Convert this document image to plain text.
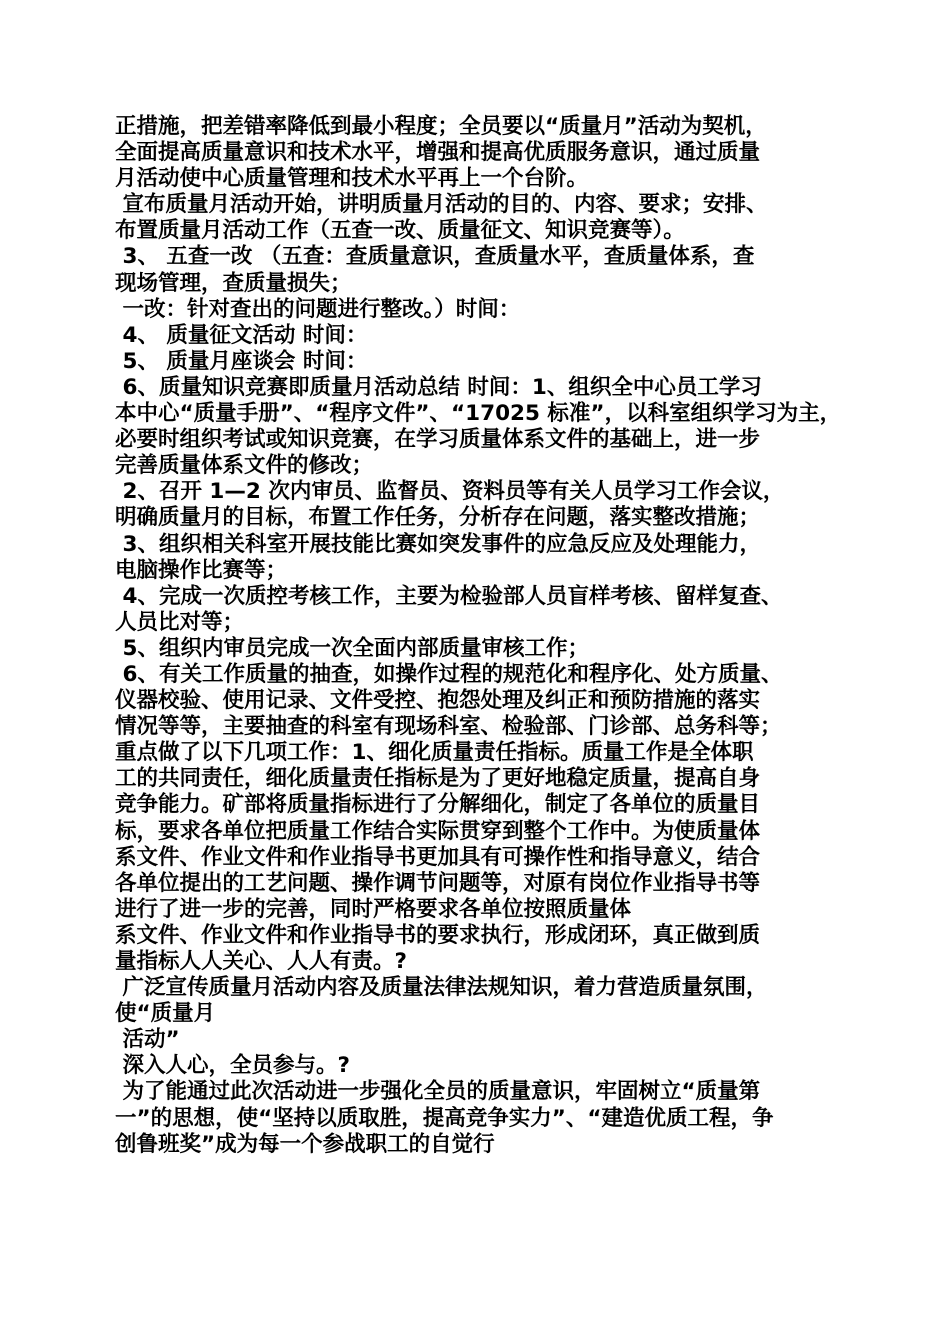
正措施，把差错率降低到最小程度；全员要以“质量月”活动为契机，
全面提高质量意识和技术水平，增强和提高优质服务意识，通过质量
月活动使中心质量管理和技术水平再上一个台阶。
宣布质量月活动开始，讲明质量月活动的目的、内容、要求；安排、
布置质量月活动工作（五查一改、质量征文、知识竞赛等）。
3、 五查一改 （五查：查质量意识，查质量水平，查质量体系，查
现场管理，查质量损失；
一改：针对查出的问题进行整改。）时间：
4、 质量征文活动 时间：
5、 质量月座谈会 时间：
6、质量知识竞赛即质量月活动总结 时间：1、组织全中心员工学习
本中心“质量手册”、“程序文件”、“17025 标准”，以科室组织学习为主，
必要时组织考试或知识竞赛，在学习质量体系文件的基础上，进一步
完善质量体系文件的修改；
2、召开 1—2 次内审员、监督员、资料员等有关人员学习工作会议，
明确质量月的目标，布置工作任务，分析存在问题，落实整改措施；
3、组织相关科室开展技能比赛如突发事件的应急反应及处理能力，
电脑操作比赛等；
4、完成一次质控考核工作，主要为检验部人员盲样考核、留样复查、
人员比对等；
5、组织内审员完成一次全面内部质量审核工作；
6、有关工作质量的抽查，如操作过程的规范化和程序化、处方质量、
仪器校验、使用记录、文件受控、抱怨处理及纠正和预防措施的落实
情况等等，主要抽查的科室有现场科室、检验部、门诊部、总务科等；
重点做了以下几项工作：1、细化质量责任指标。质量工作是全体职
工的共同责任，细化质量责任指标是为了更好地稳定质量，提高自身
竞争能力。矿部将质量指标进行了分解细化，制定了各单位的质量目
标，要求各单位把质量工作结合实际贯穿到整个工作中。为使质量体
系文件、作业文件和作业指导书更加具有可操作性和指导意义，结合
各单位提出的工艺问题、操作调节问题等，对原有岗位作业指导书等
进行了进一步的完善，同时严格要求各单位按照质量体
系文件、作业文件和作业指导书的要求执行，形成闭环，真正做到质
量指标人人关心、人人有责。?
广泛宣传质量月活动内容及质量法律法规知识，着力营造质量氛围，
使“质量月
活动”
深入人心，全员参与。?
为了能通过此次活动进一步强化全员的质量意识，牢固树立“质量第
一”的思想，使“坚持以质取胜，提高竞争实力”、“建造优质工程，争
创鲁班奖”成为每一个参战职工的自觉行
